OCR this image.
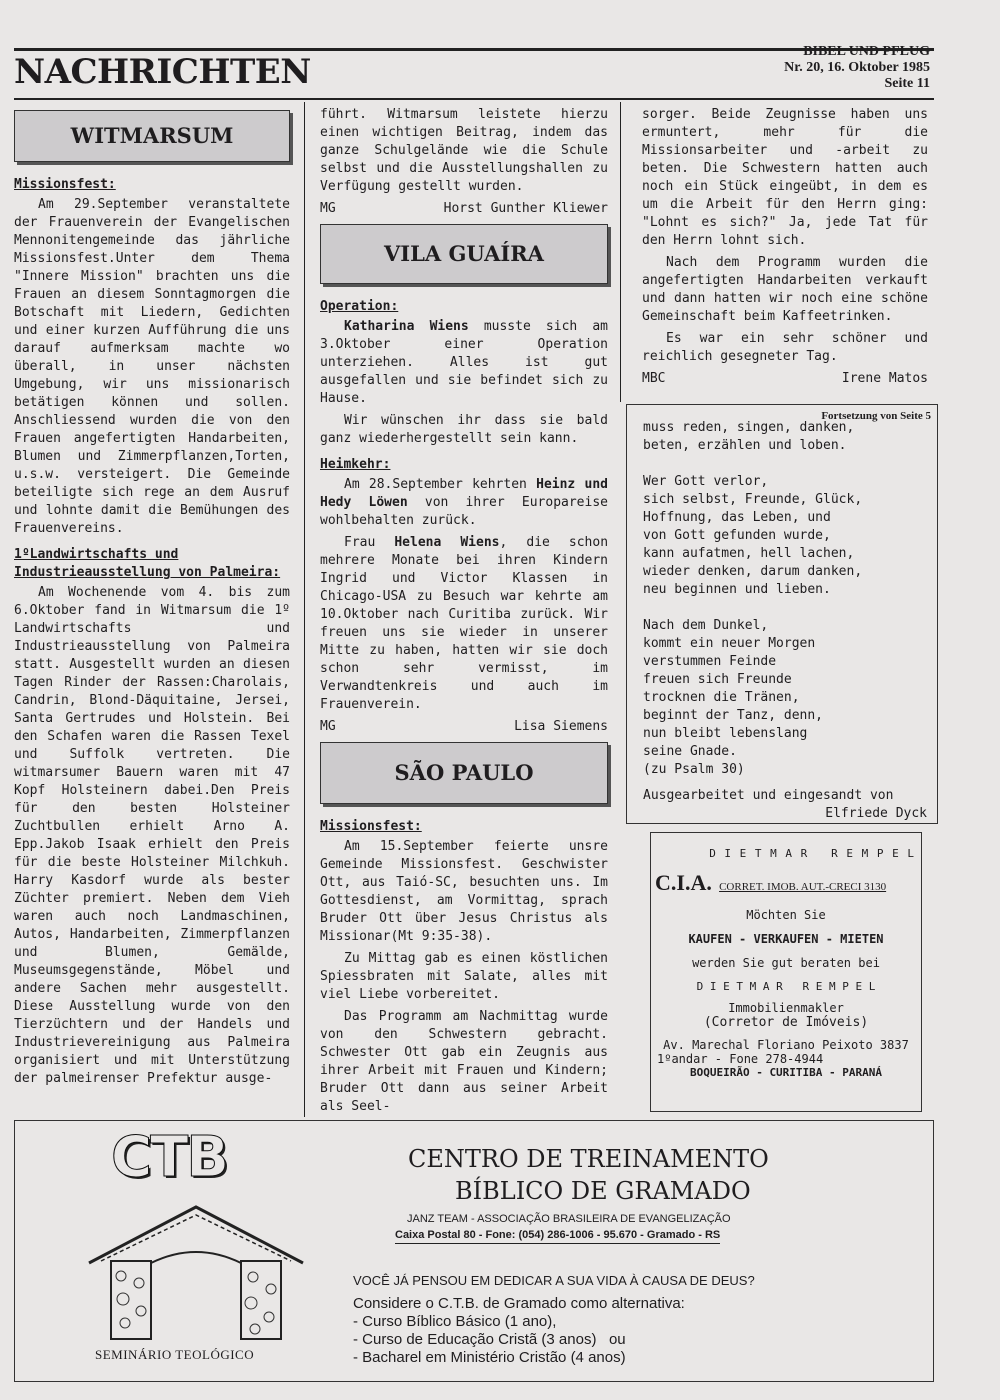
NACHRICHTEN
BIBEL UND PFLUG
Nr. 20, 16. Oktober 1985
Seite 11
WITMARSUM
Missionsfest:

Am 29.September veranstaltete der Frauenverein der Evangelischen Mennonitengemeinde das jährliche Missionsfest.Unter dem Thema "Innere Mission" brachten uns die Frauen an diesem Sonntagmorgen die Botschaft mit Liedern, Gedichten und einer kurzen Aufführung die uns darauf aufmerksam machte wo überall, in unser nächsten Umgebung, wir uns missionarisch betätigen können und sollen. Anschliessend wurden die von den Frauen angefertigten Handarbeiten, Blumen und Zimmerpflanzen,Torten, u.s.w. versteigert. Die Gemeinde beteiligte sich rege an dem Ausruf und lohnte damit die Bemühungen des Frauenvereins.

1ºLandwirtschafts und Industrieausstellung von Palmeira:

Am Wochenende vom 4. bis zum 6.Oktober fand in Witmarsum die 1º Landwirtschafts und Industrieausstellung von Palmeira statt. Ausgestellt wurden an diesen Tagen Rinder der Rassen:Charolais, Candrin, Blond-Däquitaine, Jersei, Santa Gertrudes und Holstein. Bei den Schafen waren die Rassen Texel und Suffolk vertreten. Die witmarsumer Bauern waren mit 47 Kopf Holsteinern dabei.Den Preis für den besten Holsteiner Zuchtbullen erhielt Arno A. Epp.Jakob Isaak erhielt den Preis für die beste Holsteiner Milchkuh. Harry Kasdorf wurde als bester Züchter premiert. Neben dem Vieh waren auch noch Landmaschinen, Autos, Handarbeiten, Zimmerpflanzen und Blumen, Gemälde, Museumsgegenstände, Möbel und andere Sachen mehr ausgestellt. Diese Ausstellung wurde von den Tierzüchtern und der Handels und Industrievereinigung aus Palmeira organisiert und mit Unterstützung der palmeirenser Prefektur ausge-

führt. Witmarsum leistete hierzu einen wichtigen Beitrag, indem das ganze Schulgelände wie die Schule selbst und die Ausstellungshallen zu Verfügung gestellt wurden.

MG	Horst Gunther Kliewer
VILA GUAÍRA
Operation:

Katharina Wiens musste sich am 3.Oktober einer Operation unterziehen. Alles ist gut ausgefallen und sie befindet sich zu Hause.

Wir wünschen ihr dass sie bald ganz wiederhergestellt sein kann.

Heimkehr:

Am 28.September kehrten Heinz und Hedy Löwen von ihrer Europareise wohlbehalten zurück.

Frau Helena Wiens, die schon mehrere Monate bei ihren Kindern Ingrid und Victor Klassen in Chicago-USA zu Besuch war kehrte am 10.Oktober nach Curitiba zurück. Wir freuen uns sie wieder in unserer Mitte zu haben, hatten wir sie doch schon sehr vermisst, im Verwandtenkreis und auch im Frauenverein.

MG	Lisa Siemens
SÃO PAULO
Missionsfest:

Am 15.September feierte unsre Gemeinde Missionsfest. Geschwister Ott, aus Taió-SC, besuchten uns. Im Gottesdienst, am Vormittag, sprach Bruder Ott über Jesus Christus als Missionar(Mt 9:35-38).

Zu Mittag gab es einen köstlichen Spiessbraten mit Salate, alles mit viel Liebe vorbereitet.

Das Programm am Nachmittag wurde von den Schwestern gebracht. Schwester Ott gab ein Zeugnis aus ihrer Arbeit mit Frauen und Kindern; Bruder Ott dann aus seiner Arbeit als Seel-

sorger. Beide Zeugnisse haben uns ermuntert, mehr für die Missionsarbeiter und -arbeit zu beten. Die Schwestern hatten auch noch ein Stück eingeübt, in dem es um die Arbeit für den Herrn ging: "Lohnt es sich?" Ja, jede Tat für den Herrn lohnt sich.

Nach dem Programm wurden die angefertigten Handarbeiten verkauft und dann hatten wir noch eine schöne Gemeinschaft beim Kaffeetrinken.

Es war ein sehr schöner und reichlich gesegneter Tag.

MBC	Irene Matos
Fortsetzung von Seite 5
muss reden, singen, danken,
beten, erzählen und loben.

Wer Gott verlor,
sich selbst, Freunde, Glück,
Hoffnung, das Leben, und
von Gott gefunden wurde,
kann aufatmen, hell lachen,
wieder denken, darum danken,
neu beginnen und lieben.

Nach dem Dunkel,
kommt ein neuer Morgen
verstummen Feinde
freuen sich Freunde
trocknen die Tränen,
beginnt der Tanz, denn,
nun bleibt lebenslang
seine Gnade.
(zu Psalm 30)
Ausgearbeitet und eingesandt von
Elfriede Dyck
D I E T M A R   R E M P E L
C.I.A. CORRET. IMOB. AUT.-CRECI 3130
Möchten Sie
KAUFEN - VERKAUFEN - MIETEN
werden Sie gut beraten bei
D I E T M A R   R E M P E L
Immobilienmakler
(Corretor de Imóveis)
Av. Marechal Floriano Peixoto 3837
1ºandar - Fone 278-4944
BOQUEIRÃO - CURITIBA - PARANÁ
CTB
SEMINÁRIO TEOLÓGICO
CENTRO DE TREINAMENTO
BÍBLICO DE GRAMADO
JANZ TEAM - ASSOCIAÇÃO BRASILEIRA DE EVANGELIZAÇÃO
Caixa Postal 80 - Fone: (054) 286-1006 - 95.670 - Gramado - RS
VOCÊ JÁ PENSOU EM DEDICAR A SUA VIDA À CAUSA DE DEUS?
Considere o C.T.B. de Gramado como alternativa:
- Curso Bíblico Básico (1 ano),
- Curso de Educação Cristã (3 anos)   ou
- Bacharel em Ministério Cristão (4 anos)
